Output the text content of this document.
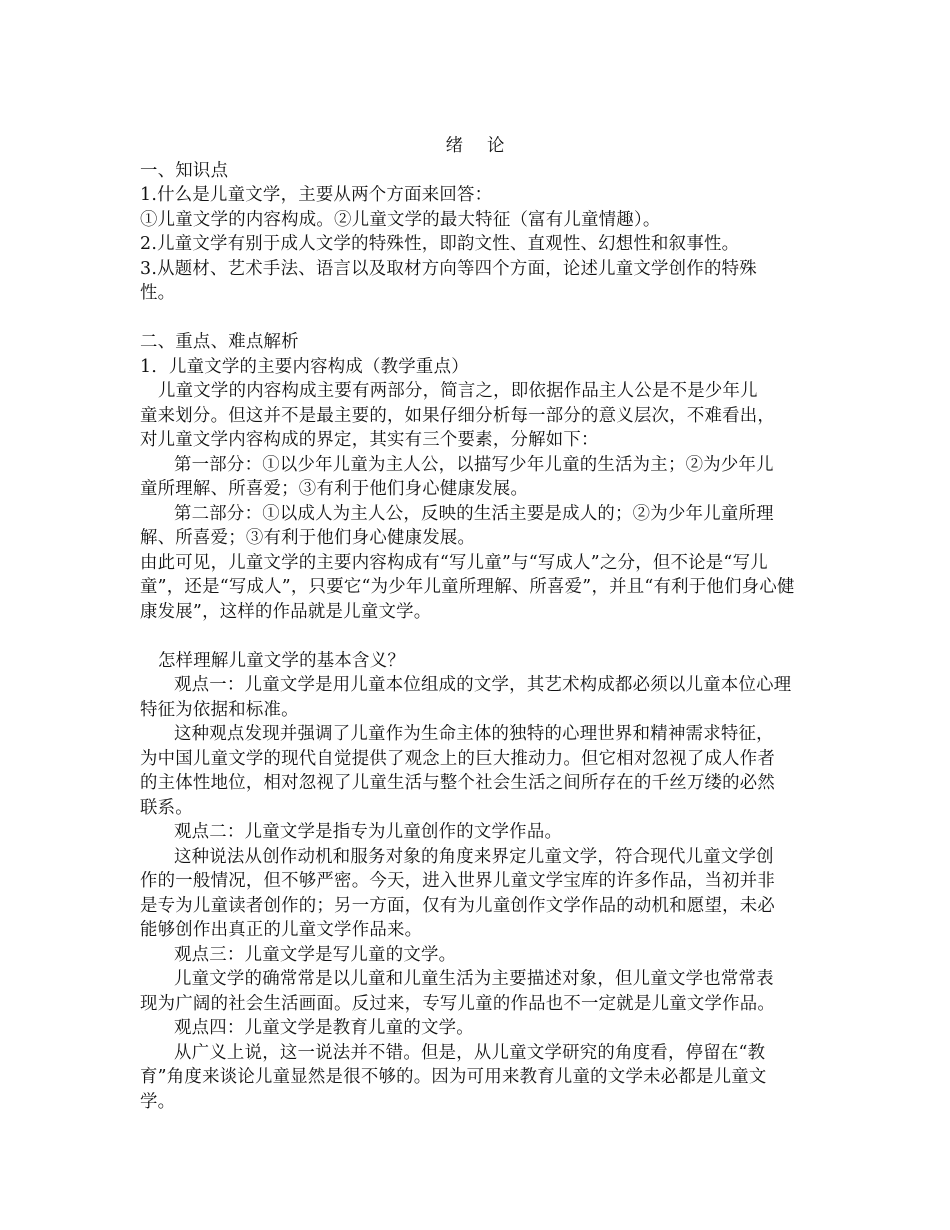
绪 论
一、知识点
1.什么是儿童文学，主要从两个方面来回答：
①儿童文学的内容构成。②儿童文学的最大特征（富有儿童情趣）。
2.儿童文学有别于成人文学的特殊性，即韵文性、直观性、幻想性和叙事性。
3.从题材、艺术手法、语言以及取材方向等四个方面，论述儿童文学创作的特殊
性。
二、重点、难点解析
1．儿童文学的主要内容构成（教学重点）
儿童文学的内容构成主要有两部分，简言之，即依据作品主人公是不是少年儿
童来划分。但这并不是最主要的，如果仔细分析每一部分的意义层次，不难看出，
对儿童文学内容构成的界定，其实有三个要素，分解如下：
第一部分：①以少年儿童为主人公，以描写少年儿童的生活为主；②为少年儿
童所理解、所喜爱；③有利于他们身心健康发展。
第二部分：①以成人为主人公，反映的生活主要是成人的；②为少年儿童所理
解、所喜爱；③有利于他们身心健康发展。
由此可见，儿童文学的主要内容构成有“写儿童”与“写成人”之分，但不论是“写儿
童”，还是“写成人”，只要它“为少年儿童所理解、所喜爱”，并且“有利于他们身心健
康发展”，这样的作品就是儿童文学。
怎样理解儿童文学的基本含义？
观点一：儿童文学是用儿童本位组成的文学，其艺术构成都必须以儿童本位心理
特征为依据和标准。
这种观点发现并强调了儿童作为生命主体的独特的心理世界和精神需求特征，
为中国儿童文学的现代自觉提供了观念上的巨大推动力。但它相对忽视了成人作者
的主体性地位，相对忽视了儿童生活与整个社会生活之间所存在的千丝万缕的必然
联系。
观点二：儿童文学是指专为儿童创作的文学作品。
这种说法从创作动机和服务对象的角度来界定儿童文学，符合现代儿童文学创
作的一般情况，但不够严密。今天，进入世界儿童文学宝库的许多作品，当初并非
是专为儿童读者创作的；另一方面，仅有为儿童创作文学作品的动机和愿望，未必
能够创作出真正的儿童文学作品来。
观点三：儿童文学是写儿童的文学。
儿童文学的确常常是以儿童和儿童生活为主要描述对象，但儿童文学也常常表
现为广阔的社会生活画面。反过来，专写儿童的作品也不一定就是儿童文学作品。
观点四：儿童文学是教育儿童的文学。
从广义上说，这一说法并不错。但是，从儿童文学研究的角度看，停留在“教
育”角度来谈论儿童显然是很不够的。因为可用来教育儿童的文学未必都是儿童文
学。
